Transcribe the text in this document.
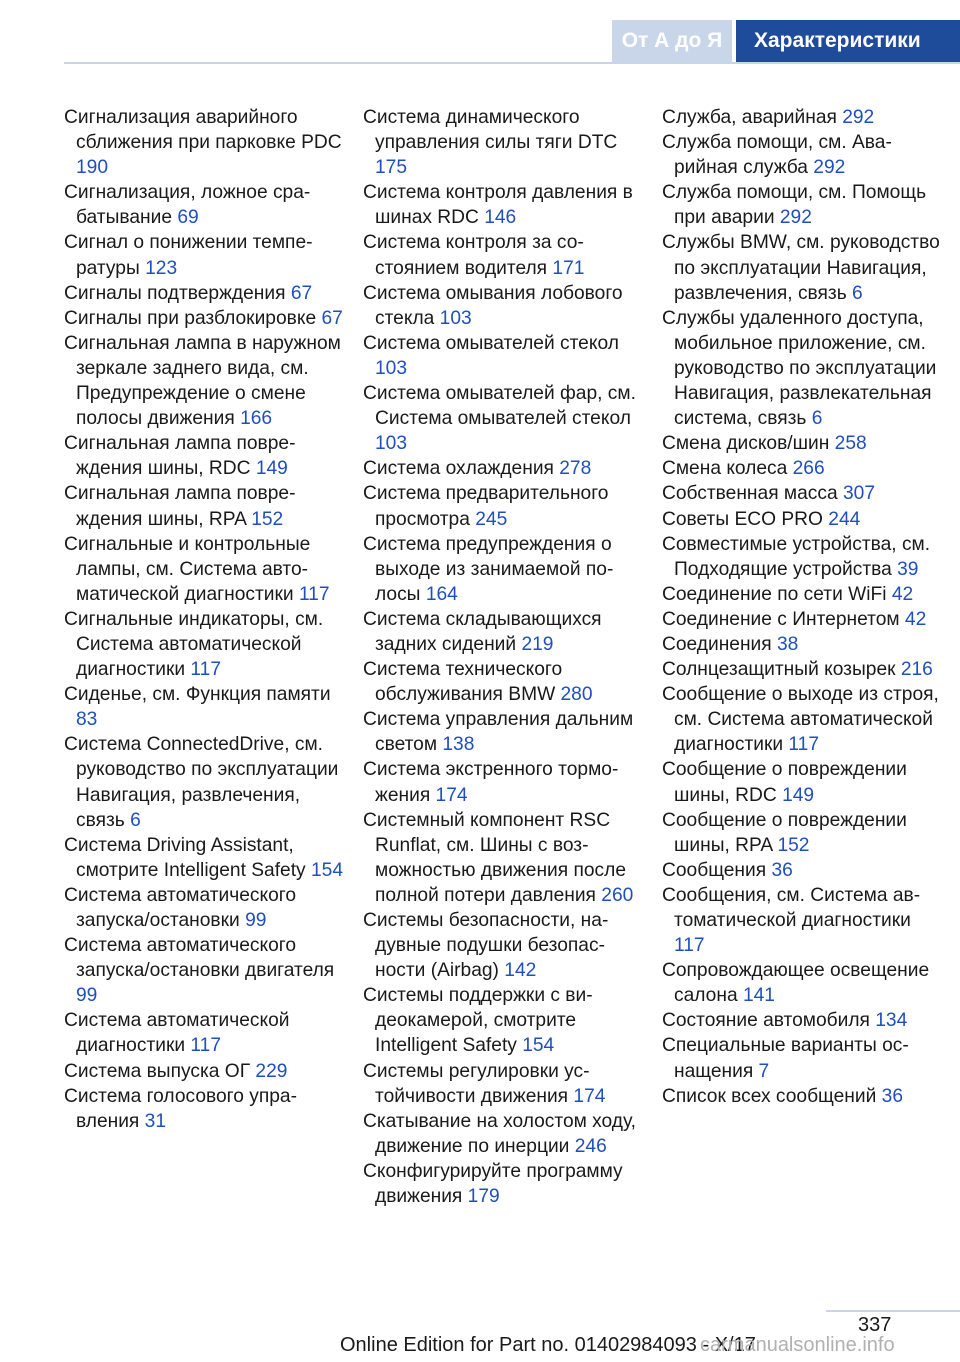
От А до Я	Характеристики
Сигнализация аварийного сближения при парковке PDC 190
Сигнализация, ложное срабатывание 69
Сигнал о понижении температуры 123
Сигналы подтверждения 67
Сигналы при разблокировке 67
Сигнальная лампа в наружном зеркале заднего вида, см. Предупреждение о смене полосы движения 166
Сигнальная лампа повреждения шины, RDC 149
Сигнальная лампа повреждения шины, RPA 152
Сигнальные и контрольные лампы, см. Система автоматической диагностики 117
Сигнальные индикаторы, см. Система автоматической диагностики 117
Сиденье, см. Функция памяти 83
Система ConnectedDrive, см. руководство по эксплуатации Навигация, развлечения, связь 6
Система Driving Assistant, смотрите Intelligent Safety 154
Система автоматического запуска/остановки 99
Система автоматического запуска/остановки двигателя 99
Система автоматической диагностики 117
Система выпуска ОГ 229
Система голосового управления 31
Система динамического управления силы тяги DTC 175
Система контроля давления в шинах RDC 146
Система контроля за состоянием водителя 171
Система омывания лобового стекла 103
Система омывателей стекол 103
Система омывателей фар, см. Система омывателей стекол 103
Система охлаждения 278
Система предварительного просмотра 245
Система предупреждения о выходе из занимаемой полосы 164
Система складывающихся задних сидений 219
Система технического обслуживания BMW 280
Система управления дальним светом 138
Система экстренного торможения 174
Системный компонент RSC Runflat, см. Шины с возможностью движения после полной потери давления 260
Системы безопасности, надувные подушки безопасности (Airbag) 142
Системы поддержки с видеокамерой, смотрите Intelligent Safety 154
Системы регулировки устойчивости движения 174
Скатывание на холостом ходу, движение по инерции 246
Сконфигурируйте программу движения 179
Служба, аварийная 292
Служба помощи, см. Аварийная служба 292
Служба помощи, см. Помощь при аварии 292
Службы BMW, см. руководство по эксплуатации Навигация, развлечения, связь 6
Службы удаленного доступа, мобильное приложение, см. руководство по эксплуатации Навигация, развлекательная система, связь 6
Смена дисков/шин 258
Смена колеса 266
Собственная масса 307
Советы ECO PRO 244
Совместимые устройства, см. Подходящие устройства 39
Соединение по сети WiFi 42
Соединение с Интернетом 42
Соединения 38
Солнцезащитный козырек 216
Сообщение о выходе из строя, см. Система автоматической диагностики 117
Сообщение о повреждении шины, RDC 149
Сообщение о повреждении шины, RPA 152
Сообщения 36
Сообщения, см. Система автоматической диагностики 117
Сопровождающее освещение салона 141
Состояние автомобиля 134
Специальные варианты оснащения 7
Список всех сообщений 36
337
Online Edition for Part no. 01402984093 - X/17
carmanualsonline.info
